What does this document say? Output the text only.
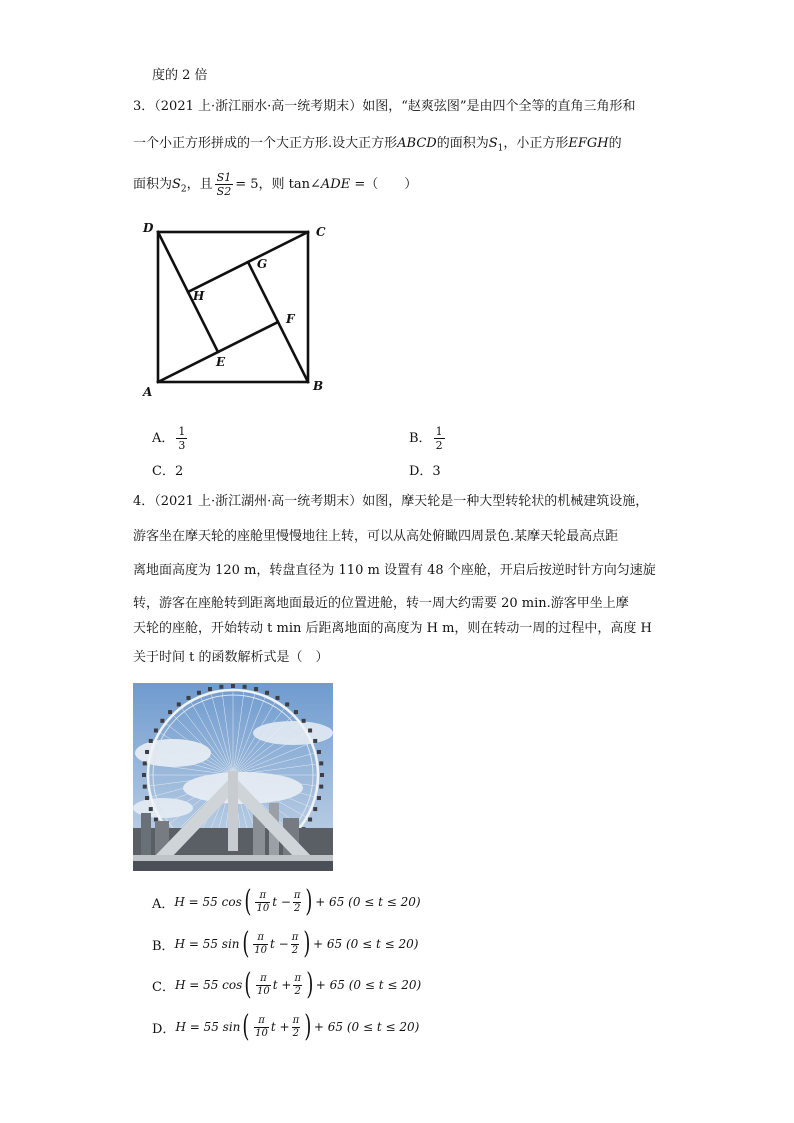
度的 2 倍
3．（2021 上·浙江丽水·高一统考期末）如图，“赵爽弦图”是由四个全等的直角三角形和
一个小正方形拼成的一个大正方形.设大正方形ABCD的面积为$S_1$，小正方形EFGH的
面积为$S_2$，且 $\frac{S1}{S2} = 5$，则 tan∠ADE =（　　）
D	C
A	B
E
F
G
H
A． $\frac{1}{3}$	B． $\frac{1}{2}$
C．2	D．3
4．（2021 上·浙江湖州·高一统考期末）如图，摩天轮是一种大型转轮状的机械建筑设施，
游客坐在摩天轮的座舱里慢慢地往上转，可以从高处俯瞰四周景色.某摩天轮最高点距
离地面高度为 120 m，转盘直径为 110 m 设置有 48 个座舱，开启后按逆时针方向匀速旋
转，游客在座舱转到距离地面最近的位置进舱，转一周大约需要 20 min.游客甲坐上摩
天轮的座舱，开始转动 t min 后距离地面的高度为 H m，则在转动一周的过程中，高度 H
关于时间 t 的函数解析式是（　）
A． H = 55 cos ( $\frac{\pi}{10}$ $t - \frac{\pi}{2}$ ) + 65 (0 ≤ t ≤ 20)
B． H = 55 sin ( $\frac{\pi}{10}$ $t - \frac{\pi}{2}$ ) + 65 (0 ≤ t ≤ 20)
C． H = 55 cos ( $\frac{\pi}{10}$ $t + \frac{\pi}{2}$ ) + 65 (0 ≤ t ≤ 20)
D． H = 55 sin ( $\frac{\pi}{10}$ $t + \frac{\pi}{2}$ ) + 65 (0 ≤ t ≤ 20)
